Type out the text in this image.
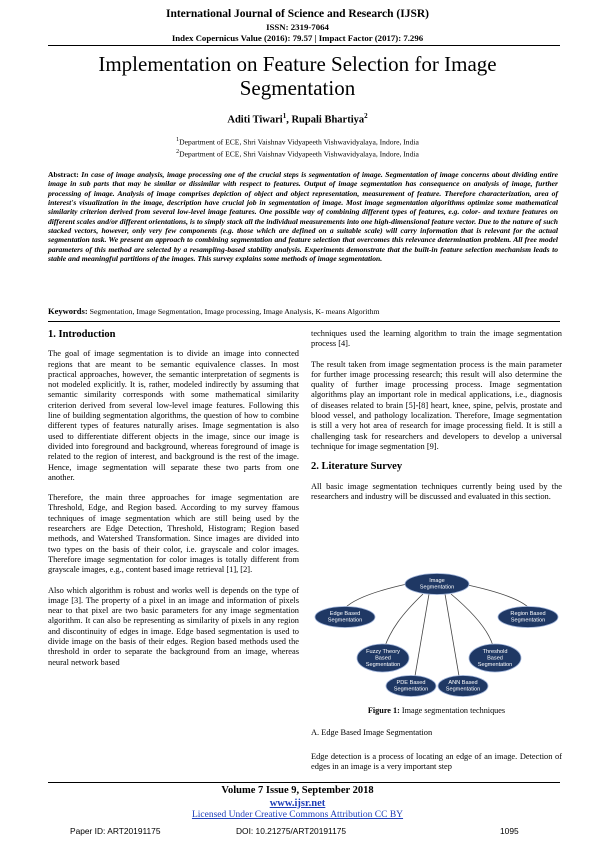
International Journal of Science and Research (IJSR)
ISSN: 2319-7064
Index Copernicus Value (2016): 79.57 | Impact Factor (2017): 7.296
Implementation on Feature Selection for Image Segmentation
Aditi Tiwari$^1$, Rupali Bhartiya$^2$
$^1$Department of ECE, Shri Vaishnav Vidyapeeth Vishwavidyalaya, Indore, India
$^2$Department of ECE, Shri Vaishnav Vidyapeeth Vishwavidyalaya, Indore, India
Abstract: In case of image analysis, image processing one of the crucial steps is segmentation of image. Segmentation of image concerns about dividing entire image in sub parts that may be similar or dissimilar with respect to features. Output of image segmentation has consequence on analysis of image, further processing of image. Analysis of image comprises depiction of object and object representation, measurement of feature. Therefore characterization, area of interest's visualization in the image, description have crucial job in segmentation of image. Most image segmentation algorithms optimize some mathematical similarity criterion derived from several low-level image features. One possible way of combining different types of features, e.g. color- and texture features on different scales and/or different orientations, is to simply stack all the individual measurements into one high-dimensional feature vector. Due to the nature of such stacked vectors, however, only very few components (e.g. those which are defined on a suitable scale) will carry information that is relevant for the actual segmentation task. We present an approach to combining segmentation and feature selection that overcomes this relevance determination problem. All free model parameters of this method are selected by a resampling-based stability analysis. Experiments demonstrate that the built-in feature selection mechanism leads to stable and meaningful partitions of the images. This survey explains some methods of image segmentation.
Keywords: Segmentation, Image Segmentation, Image processing, Image Analysis, K- means Algorithm

1. Introduction

The goal of image segmentation is to divide an image into connected regions that are meant to be semantic equivalence classes. In most practical approaches, however, the semantic interpretation of segments is not modeled explicitly. It is, rather, modeled indirectly by assuming that semantic similarity corresponds with some mathematical similarity criterion derived from several low-level image features. Following this line of building segmentation algorithms, the question of how to combine different types of features naturally arises. Image segmentation is also used to differentiate different objects in the image, since our image is divided into foreground and background, whereas foreground of image is related to the region of interest, and background is the rest of the image. Hence, image segmentation will separate these two parts from one another.

Therefore, the main three approaches for image segmentation are Threshold, Edge, and Region based. According to my survey ffamous techniques of image segmentation which are still being used by the researchers are Edge Detection, Threshold, Histogram; Region based methods, and Watershed Transformation. Since images are divided into two types on the basis of their color, i.e. grayscale and color images. Therefore image segmentation for color images is totally different from grayscale images, e.g., content based image retrieval [1], [2].

Also which algorithm is robust and works well is depends on the type of image [3]. The property of a pixel in an image and information of pixels near to that pixel are two basic parameters for any image segmentation algorithm. It can also be representing as similarity of pixels in any region and discontinuity of edges in image. Edge based segmentation is used to divide image on the basis of their edges. Region based methods used the threshold in order to separate the background from an image, whereas neural network based

techniques used the learning algorithm to train the image segmentation process [4].

The result taken from image segmentation process is the main parameter for further image processing research; this result will also determine the quality of further image processing process. Image segmentation algorithms play an important role in medical applications, i.e., diagnosis of diseases related to brain [5]-[8] heart, knee, spine, pelvis, prostate and blood vessel, and pathology localization. Therefore, Image segmentation is still a very hot area of research for image processing field. It is still a challenging task for researchers and developers to develop a universal technique for image segmentation [9].

2. Literature Survey

All basic image segmentation techniques currently being used by the researchers and industry will be discussed and evaluated in this section.

Image
Segmentation
Edge Based
Segmentation
Region Based
Segmentation
Fuzzy Theory
Based
Segmentation
Threshold
Based
Segmentation
PDE Based
Segmentation
ANN Based
Segmentation
Figure 1: Image segmentation techniques
A. Edge Based Image Segmentation
Edge detection is a process of locating an edge of an image. Detection of edges in an image is a very important step
Volume 7 Issue 9, September 2018
www.ijsr.net
Licensed Under Creative Commons Attribution CC BY
Paper ID: ART20191175	DOI: 10.21275/ART20191175	1095
